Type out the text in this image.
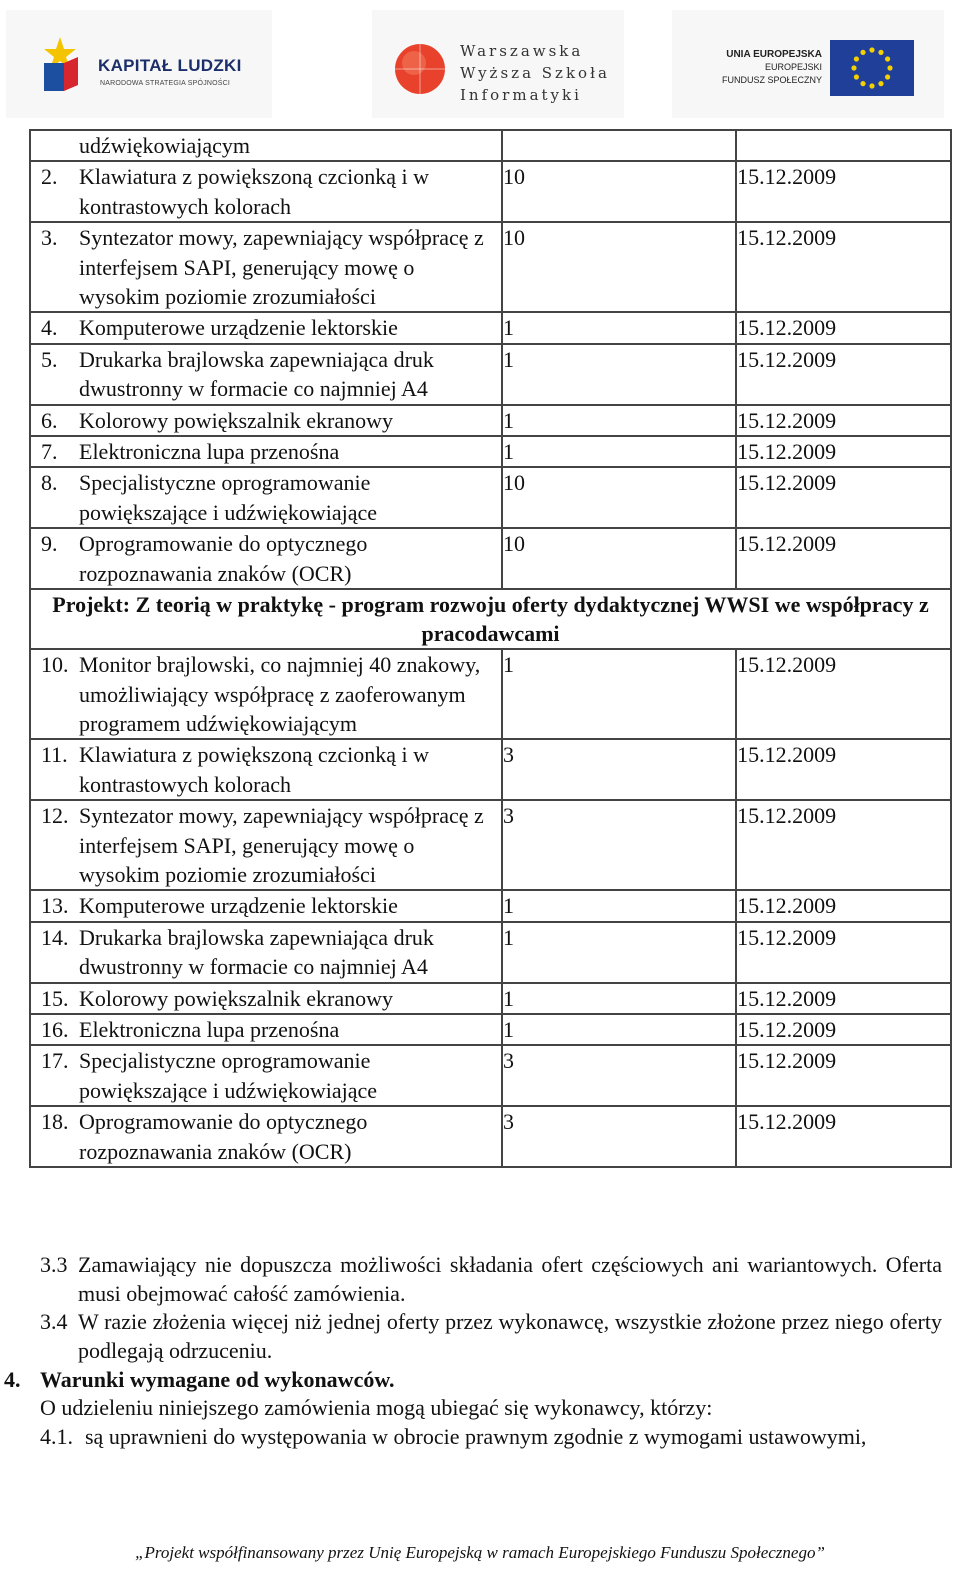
KAPITAŁ LUDZKI
NARODOWA STRATEGIA SPÓJNOŚCI
Warszawska
Wyższa Szkoła
Informatyki
UNIA EUROPEJSKA
EUROPEJSKI
FUNDUSZ SPOŁECZNY
udźwiękowiającym		

2. Klawiatura z powiększoną czcionką i w kontrastowych kolorach	10	15.12.2009

3. Syntezator mowy, zapewniający współpracę z interfejsem SAPI, generujący mowę o wysokim poziomie zrozumiałości	10	15.12.2009

4. Komputerowe urządzenie lektorskie	1	15.12.2009

5. Drukarka brajlowska zapewniająca druk dwustronny w formacie co najmniej A4	1	15.12.2009

6. Kolorowy powiększalnik ekranowy	1	15.12.2009

7. Elektroniczna lupa przenośna	1	15.12.2009

8. Specjalistyczne oprogramowanie powiększające i udźwiękowiające	10	15.12.2009

9. Oprogramowanie do optycznego rozpoznawania znaków (OCR)	10	15.12.2009
Projekt: Z teorią w praktykę - program rozwoju oferty dydaktycznej WWSI we współpracy z pracodawcami		

10. Monitor brajlowski, co najmniej 40 znakowy, umożliwiający współpracę z zaoferowanym programem udźwiękowiającym	1	15.12.2009

11. Klawiatura z powiększoną czcionką i w kontrastowych kolorach	3	15.12.2009

12. Syntezator mowy, zapewniający współpracę z interfejsem SAPI, generujący mowę o wysokim poziomie zrozumiałości	3	15.12.2009

13. Komputerowe urządzenie lektorskie	1	15.12.2009

14. Drukarka brajlowska zapewniająca druk dwustronny w formacie co najmniej A4	1	15.12.2009

15. Kolorowy powiększalnik ekranowy	1	15.12.2009

16. Elektroniczna lupa przenośna	1	15.12.2009

17. Specjalistyczne oprogramowanie powiększające i udźwiękowiające	3	15.12.2009

18. Oprogramowanie do optycznego rozpoznawania znaków (OCR)	3	15.12.2009
3.3 Zamawiający nie dopuszcza możliwości składania ofert częściowych ani wariantowych. Oferta musi obejmować całość zamówienia.
3.4 W razie złożenia więcej niż jednej oferty przez wykonawcę, wszystkie złożone przez niego oferty podlegają odrzuceniu.
4. Warunki wymagane od wykonawców.
O udzieleniu niniejszego zamówienia mogą ubiegać się wykonawcy, którzy:
4.1. są uprawnieni do występowania w obrocie prawnym zgodnie z wymogami ustawowymi,
„Projekt współfinansowany przez Unię Europejską w ramach Europejskiego Funduszu Społecznego”
